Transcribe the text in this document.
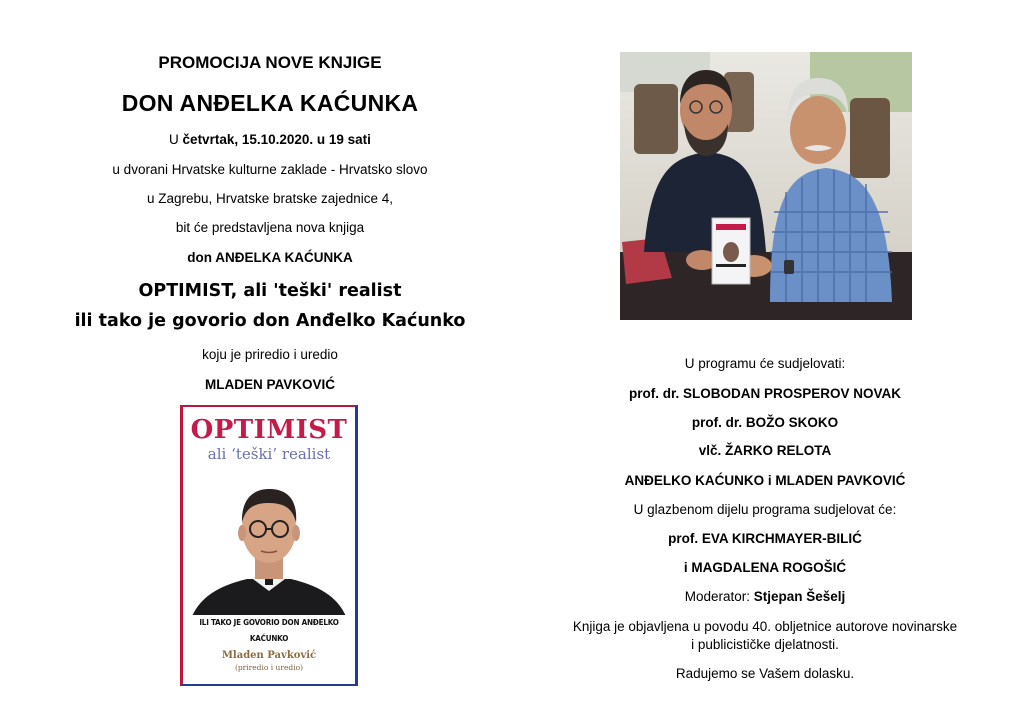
PROMOCIJA NOVE KNJIGE
DON ANĐELKA KAĆUNKA
U četvrtak, 15.10.2020. u 19 sati
u dvorani Hrvatske kulturne zaklade - Hrvatsko slovo
u Zagrebu, Hrvatske bratske zajednice 4,
bit će predstavljena nova knjiga
don ANĐELKA KAĆUNKA
OPTIMIST, ali 'teški' realist
ili tako je govorio don Anđelko Kaćunko
koju je priredio i uredio
MLADEN PAVKOVIĆ
OPTIMIST
ali ‘teški’ realist
ILI TAKO JE GOVORIO DON ANĐELKO KAĆUNKO
Mladen Pavković
(priredio i uredio)
U programu će sudjelovati:
prof. dr. SLOBODAN PROSPEROV NOVAK
prof. dr. BOŽO SKOKO
vlč. ŽARKO RELOTA
ANĐELKO KAĆUNKO i MLADEN PAVKOVIĆ
U glazbenom dijelu programa sudjelovat će:
prof. EVA KIRCHMAYER-BILIĆ
i MAGDALENA ROGOŠIĆ
Moderator: Stjepan Šešelj
Knjiga je objavljena u povodu 40. obljetnice autorove novinarske
i publicističke djelatnosti.
Radujemo se Vašem dolasku.
